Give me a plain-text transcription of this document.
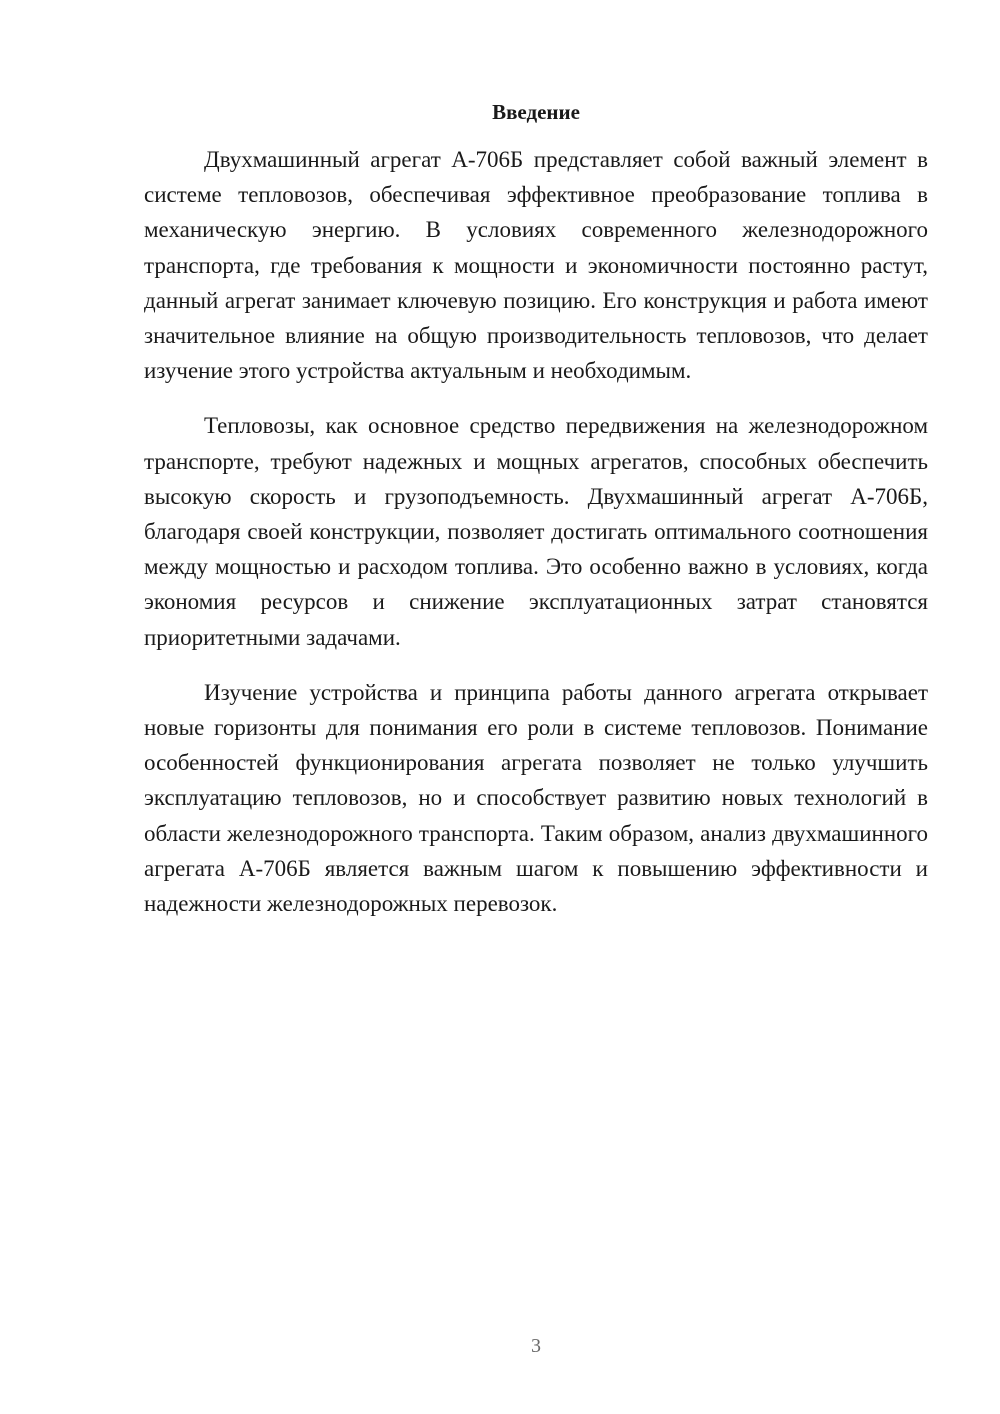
Введение

Двухмашинный агрегат А-706Б представляет собой важный элемент в системе тепловозов, обеспечивая эффективное преобразование топлива в механическую энергию. В условиях современного железнодорожного транспорта, где требования к мощности и экономичности постоянно растут, данный агрегат занимает ключевую позицию. Его конструкция и работа имеют значительное влияние на общую производительность тепловозов, что делает изучение этого устройства актуальным и необходимым.

Тепловозы, как основное средство передвижения на железнодорожном транспорте, требуют надежных и мощных агрегатов, способных обеспечить высокую скорость и грузоподъемность. Двухмашинный агрегат А-706Б, благодаря своей конструкции, позволяет достигать оптимального соотношения между мощностью и расходом топлива. Это особенно важно в условиях, когда экономия ресурсов и снижение эксплуатационных затрат становятся приоритетными задачами.

Изучение устройства и принципа работы данного агрегата открывает новые горизонты для понимания его роли в системе тепловозов. Понимание особенностей функционирования агрегата позволяет не только улучшить эксплуатацию тепловозов, но и способствует развитию новых технологий в области железнодорожного транспорта. Таким образом, анализ двухмашинного агрегата А-706Б является важным шагом к повышению эффективности и надежности железнодорожных перевозок.

3
